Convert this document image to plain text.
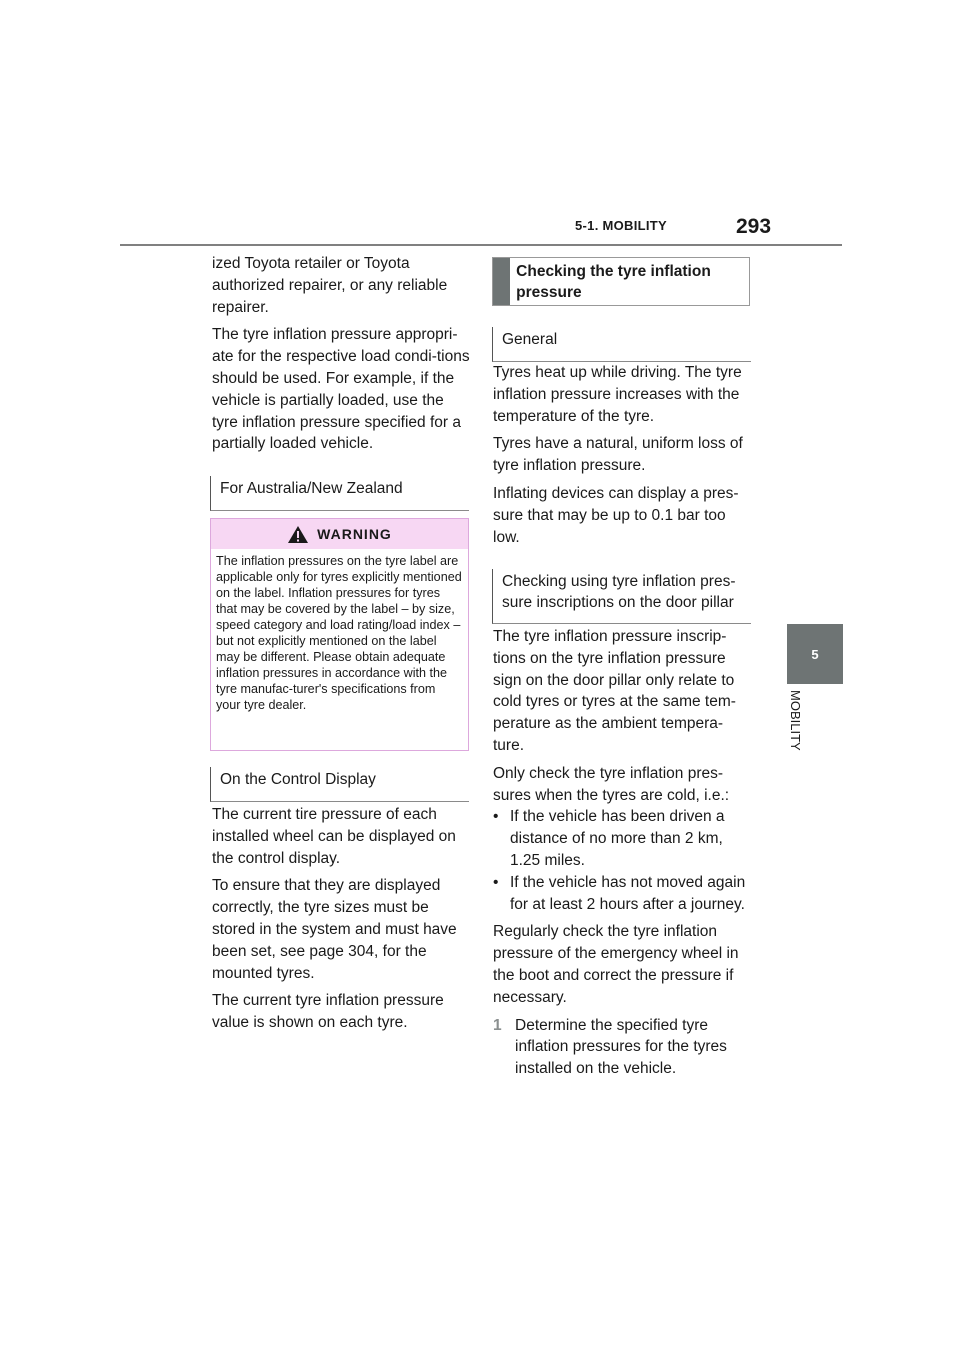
5-1. MOBILITY	293
5
MOBILITY

ized Toyota retailer or Toyota authorized repairer, or any reliable repairer.

The tyre inflation pressure appropri-ate for the respective load condi-tions should be used. For example, if the vehicle is partially loaded, use the tyre inflation pressure specified for a partially loaded vehicle.

For Australia/New Zealand
WARNING
The inflation pressures on the tyre label are applicable only for tyres explicitly mentioned on the label. Inflation pressures for tyres that may be covered by the label – by size, speed category and load rating/load index – but not explicitly mentioned on the label may be different. Please obtain adequate inflation pressures in accordance with the tyre manufac-turer's specifications from your tyre dealer.
On the Control Display

The current tire pressure of each installed wheel can be displayed on the control display.

To ensure that they are displayed correctly, the tyre sizes must be stored in the system and must have been set, see page 304, for the mounted tyres.

The current tyre inflation pressure value is shown on each tyre.

Checking the tyre inflation pressure
General

Tyres heat up while driving. The tyre inflation pressure increases with the temperature of the tyre.

Tyres have a natural, uniform loss of tyre inflation pressure.

Inflating devices can display a pres-sure that may be up to 0.1 bar too low.

Checking using tyre inflation pres-sure inscriptions on the door pillar

The tyre inflation pressure inscrip-tions on the tyre inflation pressure sign on the door pillar only relate to cold tyres or tyres at the same tem-perature as the ambient tempera-ture.

Only check the tyre inflation pres-sures when the tyres are cold, i.e.:

• If the vehicle has been driven a distance of no more than 2 km, 1.25 miles.
• If the vehicle has not moved again for at least 2 hours after a journey.

Regularly check the tyre inflation pressure of the emergency wheel in the boot and correct the pressure if necessary.

1 Determine the specified tyre inflation pressures for the tyres installed on the vehicle.
